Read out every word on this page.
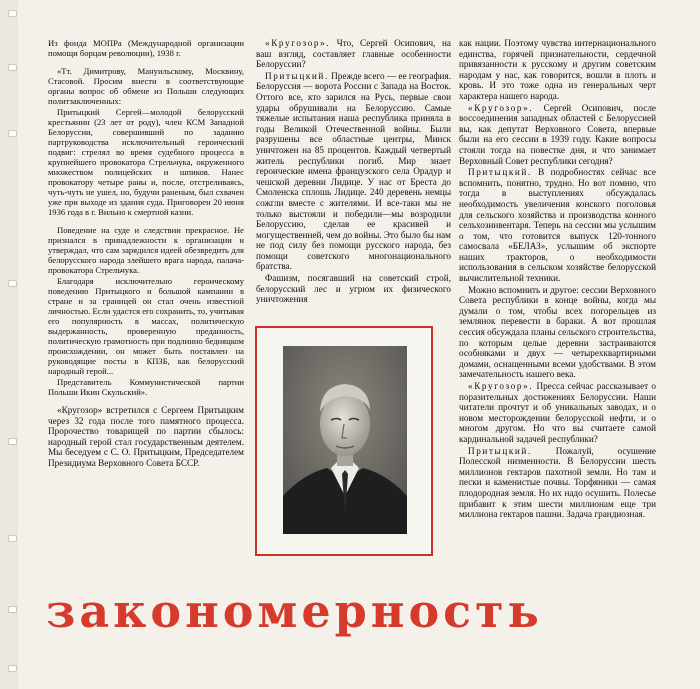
Из фонда МОПРа (Международной организации помощи борцам революции), 1938 г.

«Тт. Димитрову, Мануильскому, Москвину, Стасовой. Просим внести в соответствующие органы вопрос об обмене из Польши следующих политзаключенных:

Притыцкий Сергей—молодой белорусский крестьянин (23 лет от роду), член КСМ Западной Белоруссии, совершивший по заданию партруководства исключительный героический подвиг: стрелял во время судебного процесса в крупнейшего провокатора Стрельчука, окруженного множеством полицейских и шпиков. Нанес провокатору четыре раны и, после, отстреливаясь, чуть-чуть не ушел, но, будучи раненым, был схвачен уже при выходе из здания суда. Приговорен 20 июня 1936 года в г. Вильно к смертной казни.

Поведение на суде и следствии прекрасное. Не признался в принадлежности к организации и утверждал, что сам зарядился идеей обезвредить для белорусского народа злейшего врага народа, палача-провокатора Стрельчука.

Благодаря исключительно героическому поведению Притыцкого и большой кампании в стране и за границей он стал очень известной личностью. Если удастся его сохранить, то, учитывая его популярность в массах, политическую выдержанность, проверенную преданность, политическую грамотность при подлинно бедняцком происхождении, он может быть поставлен на руководящие посты в КПЗБ, как белорусский народный герой...

Представитель Коммунистической партии Польши Икин Скульский».

«Кругозор» встретился с Сергеем Притыцким через 32 года после того памятного процесса. Пророчество товарищей по партии сбылось: народный герой стал государственным деятелем. Мы беседуем с С. О. Притыцким, Председателем Президиума Верховного Совета БССР.

«Кругозор». Что, Сергей Осипович, на ваш взгляд, составляет главные особенности Белоруссии?

Притыцкий. Прежде всего — ее география. Белоруссия — ворота России с Запада на Восток. Оттого все, кто зарился на Русь, первые свои удары обрушивали на Белоруссию. Самые тяжелые испытания наша республика приняла в годы Великой Отечественной войны. Были разрушены все областные центры, Минск уничтожен на 85 процентов. Каждый четвертый житель республики погиб. Мир знает героические имена французского села Орадур и чешской деревни Лидице. У нас от Бреста до Смоленска сплошь Лидице. 240 деревень немцы сожгли вместе с жителями. И все-таки мы не только выстояли и победили—мы возродили Белоруссию, сделав ее красивей и могущественней, чем до войны. Это было бы нам не под силу без помощи русского народа, без помощи советского многонационального братства.

Фашизм, посягавший на советский строй, белорусский лес и угрюм их физического уничтожения

как нации. Поэтому чувства интернационального единства, горячей признательности, сердечной привязанности к русскому и другим советским народам у нас, как говорится, вошли в плоть и кровь. И это тоже одна из генеральных черт характера нашего народа.

«Кругозор». Сергей Осипович, после воссоединения западных областей с Белоруссией вы, как депутат Верховного Совета, впервые были на его сессии в 1939 году. Какие вопросы стояли тогда на повестке дня, и что занимает Верховный Совет республики сегодня?

Притыцкий. В подробностях сейчас все вспомнить, понятно, трудно. Но вот помню, что тогда в выступлениях обсуждалась необходимость увеличения конского поголовья для сельского хозяйства и производства конного сельхозинвентаря. Теперь на сессии мы услышим о том, что готовится выпуск 120-тонного самосвала «БЕЛАЗ», услышим об экспорте наших тракторов, о необходимости использования в сельском хозяйстве белорусской вычислительной техники.

Можно вспомнить и другое: сессии Верховного Совета республики в конце войны, когда мы думали о том, чтобы всех погорельцев из землянок перевести в бараки. А вот прошлая сессия обсуждала планы сельского строительства, по которым целые деревни застраиваются особняками и двух — четырехквартирными домами, оснащенными всеми удобствами. В этом замечательность нашего века.

«Кругозор». Пресса сейчас рассказывает о поразительных достижениях Белоруссии. Наши читатели прочтут и об уникальных заводах, и о новом месторождении белорусской нефти, и о многом другом. Но что вы считаете самой кардинальной задачей республики?

Притыцкий.	Пожалуй, осушение Полесской низменности. В Белоруссии шесть миллионов гектаров пахотной земли. Но там и пески и каменистые почвы. Торфяники — самая плодородная земля. Но их надо осушить. Полесье прибавит к этим шести миллионам еще три миллиона гектаров пашни. Задача грандиозная.

закономерность
